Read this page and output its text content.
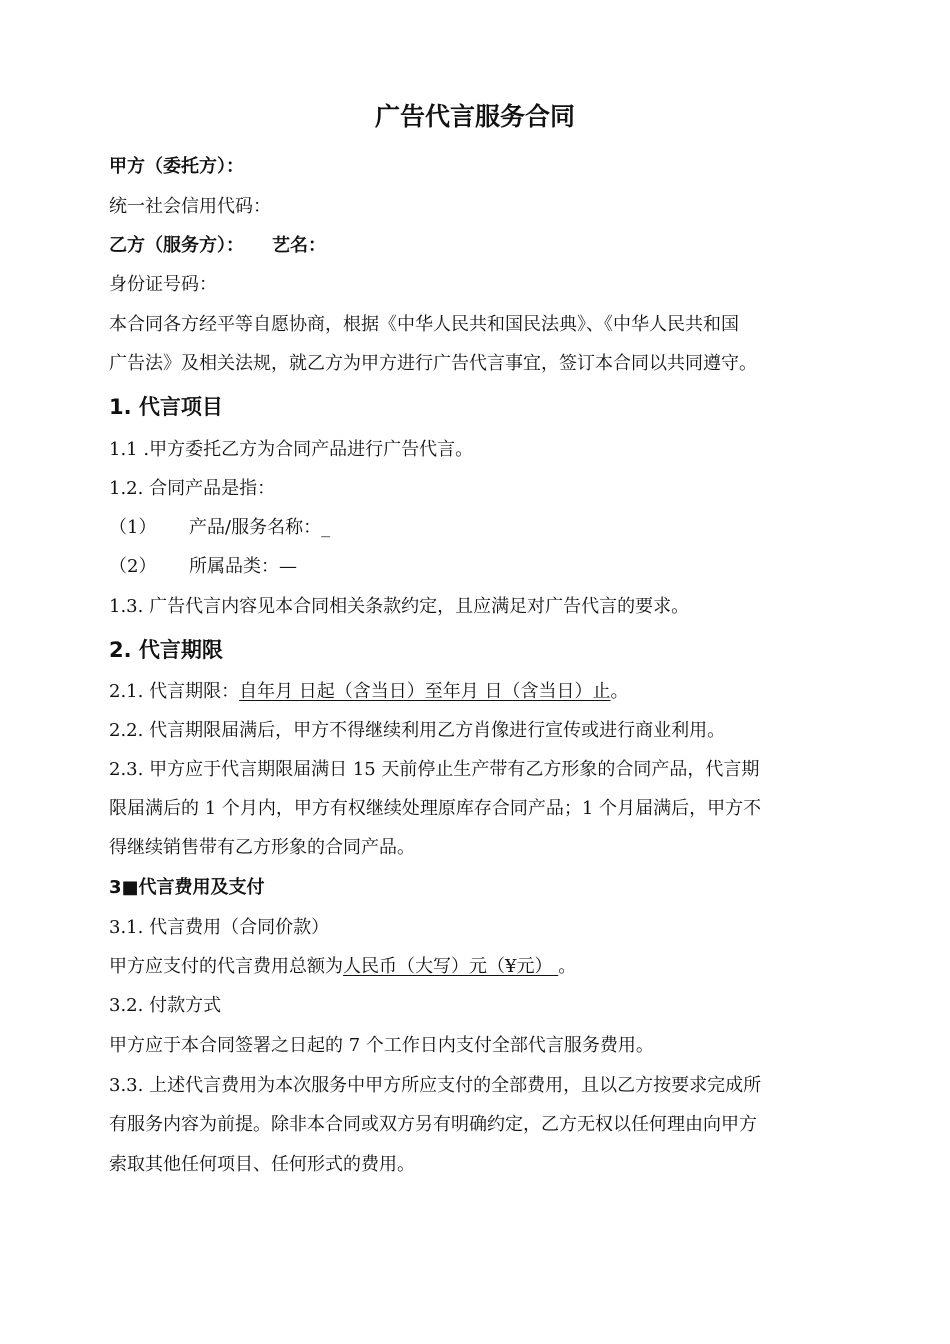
广告代言服务合同
甲方（委托方）：
统一社会信用代码：
乙方（服务方）： 艺名：
身份证号码：
本合同各方经平等自愿协商，根据《中华人民共和国民法典》、《中华人民共和国
广告法》及相关法规，就乙方为甲方进行广告代言事宜，签订本合同以共同遵守。
1. 代言项目
1.1 .甲方委托乙方为合同产品进行广告代言。
1.2. 合同产品是指：
（1） 产品/服务名称：_
（2） 所属品类：—
1.3. 广告代言内容见本合同相关条款约定，且应满足对广告代言的要求。
2. 代言期限
2.1. 代言期限：自年月 日起（含当日）至年月 日（含当日）止。
2.2. 代言期限届满后，甲方不得继续利用乙方肖像进行宣传或进行商业利用。
2.3. 甲方应于代言期限届满日 15 天前停止生产带有乙方形象的合同产品，代言期
限届满后的 1 个月内，甲方有权继续处理原库存合同产品；1 个月届满后，甲方不
得继续销售带有乙方形象的合同产品。
3■代言费用及支付
3.1. 代言费用（合同价款）
甲方应支付的代言费用总额为人民币（大写）元（¥元） 。
3.2. 付款方式
甲方应于本合同签署之日起的 7 个工作日内支付全部代言服务费用。
3.3. 上述代言费用为本次服务中甲方所应支付的全部费用，且以乙方按要求完成所
有服务内容为前提。除非本合同或双方另有明确约定，乙方无权以任何理由向甲方
索取其他任何项目、任何形式的费用。
